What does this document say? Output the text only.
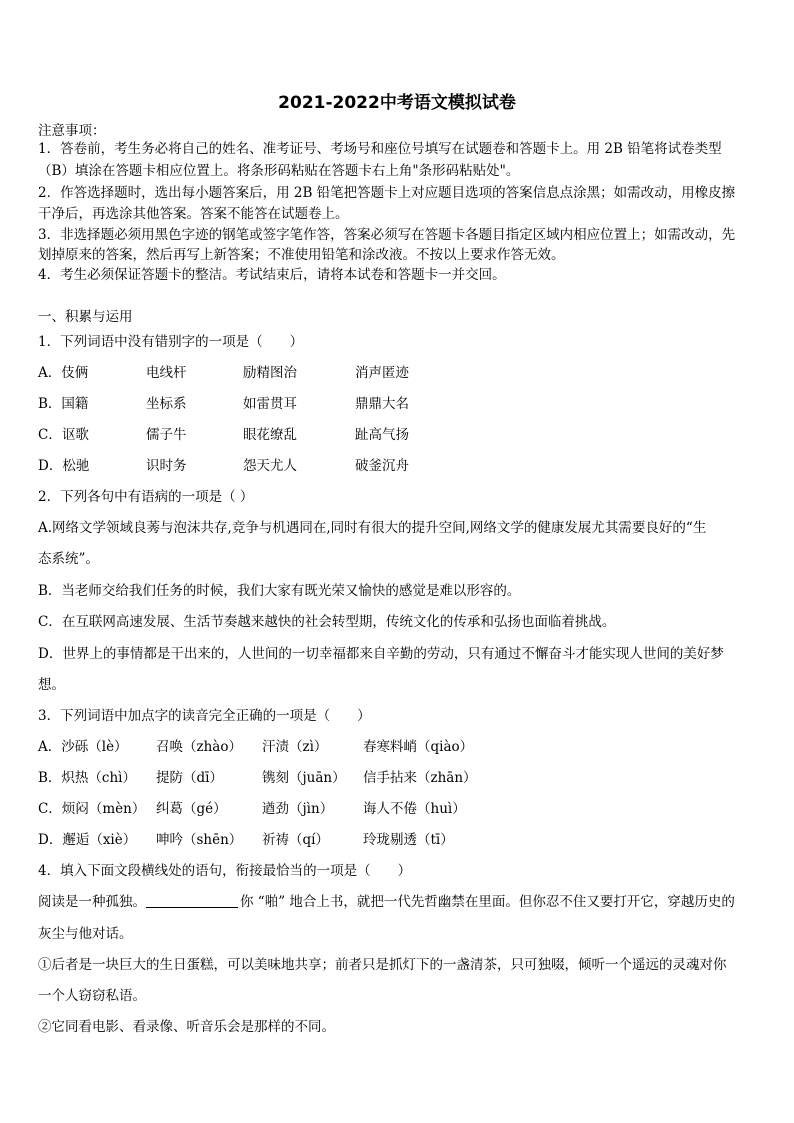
2021-2022中考语文模拟试卷
注意事项：
1．答卷前，考生务必将自己的姓名、准考证号、考场号和座位号填写在试题卷和答题卡上。用 2B 铅笔将试卷类型
（B）填涂在答题卡相应位置上。将条形码粘贴在答题卡右上角"条形码粘贴处"。
2．作答选择题时，选出每小题答案后，用 2B 铅笔把答题卡上对应题目选项的答案信息点涂黑；如需改动，用橡皮擦
干净后，再选涂其他答案。答案不能答在试题卷上。
3．非选择题必须用黑色字迹的钢笔或签字笔作答，答案必须写在答题卡各题目指定区域内相应位置上；如需改动，先
划掉原来的答案，然后再写上新答案；不准使用铅笔和涂改液。不按以上要求作答无效。
4．考生必须保证答题卡的整洁。考试结束后，请将本试卷和答题卡一并交回。
一、积累与运用
1．下列词语中没有错别字的一项是（　　）
A．伎俩	电线杆	励精图治	消声匿迹
B．国籍	坐标系	如雷贯耳	鼎鼎大名
C．讴歌	儒子牛	眼花缭乱	趾高气扬
D．松驰	识时务	怨天尤人	破釜沉舟
2．下列各句中有语病的一项是（ ）
A.网络文学领域良莠与泡沫共存,竞争与机遇同在,同时有很大的提升空间,网络文学的健康发展尤其需要良好的“生
态系统”。
B．当老师交给我们任务的时候，我们大家有既光荣又愉快的感觉是难以形容的。
C．在互联网高速发展、生活节奏越来越快的社会转型期，传统文化的传承和弘扬也面临着挑战。
D．世界上的事情都是干出来的，人世间的一切幸福都来自辛勤的劳动，只有通过不懈奋斗才能实现人世间的美好梦
想。
3．下列词语中加点字的读音完全正确的一项是（　　）
A．沙砾（lè） 召唤（zhào） 汗渍（zì）	春寒料峭（qiào）
B．炽热（chì） 提防（dī）	镌刻（juān） 信手拈来（zhān）
C．烦闷（mèn） 纠葛（gé）	遒劲（jìn） 诲人不倦（huì）
D．邂逅（xiè） 呻吟（shēn） 祈祷（qí）	玲珑剔透（tī）
4．填入下面文段横线处的语句，衔接最恰当的一项是（　　）
阅读是一种孤独。	你 “啪” 地合上书，就把一代先哲幽禁在里面。但你忍不住又要打开它，穿越历史的
灰尘与他对话。
①后者是一块巨大的生日蛋糕，可以美味地共享；前者只是抓灯下的一盏清茶，只可独啜，倾听一个遥远的灵魂对你
一个人窃窃私语。
②它同看电影、看录像、听音乐会是那样的不同。
